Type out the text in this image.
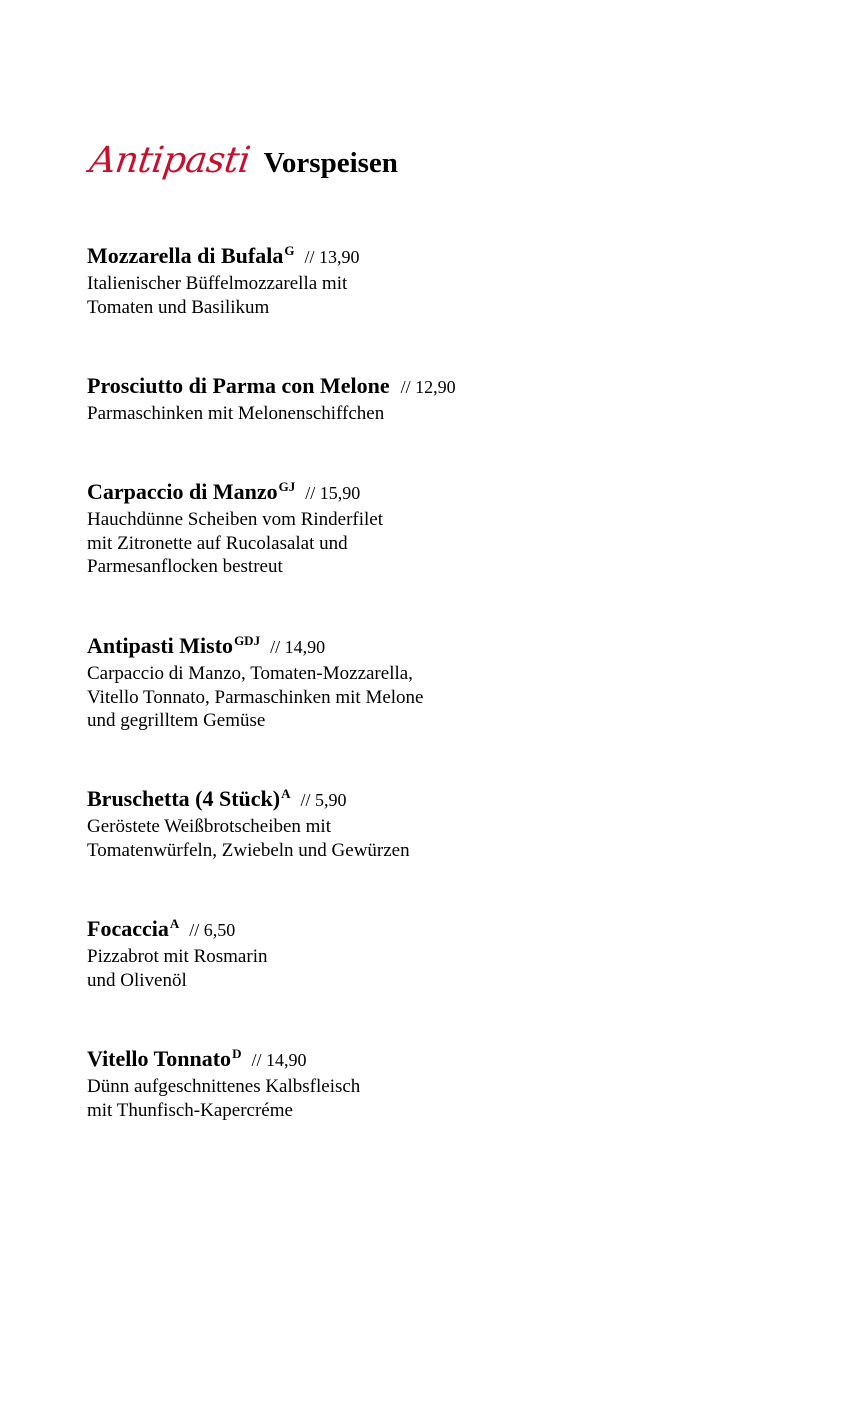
Antipasti Vorspeisen
Mozzarella di Bufala$^G$ // 13,90
Italienischer Büffelmozzarella mit
Tomaten und Basilikum
Prosciutto di Parma con Melone // 12,90
Parmaschinken mit Melonenschiffchen
Carpaccio di Manzo$^{GJ}$ // 15,90
Hauchdünne Scheiben vom Rinderfilet
mit Zitronette auf Rucolasalat und
Parmesanflocken bestreut
Antipasti Misto$^{GDJ}$ // 14,90
Carpaccio di Manzo, Tomaten-Mozzarella,
Vitello Tonnato, Parmaschinken mit Melone
und gegrilltem Gemüse
Bruschetta (4 Stück)$^A$ // 5,90
Geröstete Weißbrotscheiben mit
Tomatenwürfeln, Zwiebeln und Gewürzen
Focaccia$^A$ // 6,50
Pizzabrot mit Rosmarin
und Olivenöl
Vitello Tonnato$^D$ // 14,90
Dünn aufgeschnittenes Kalbsfleisch
mit Thunfisch-Kapercréme
